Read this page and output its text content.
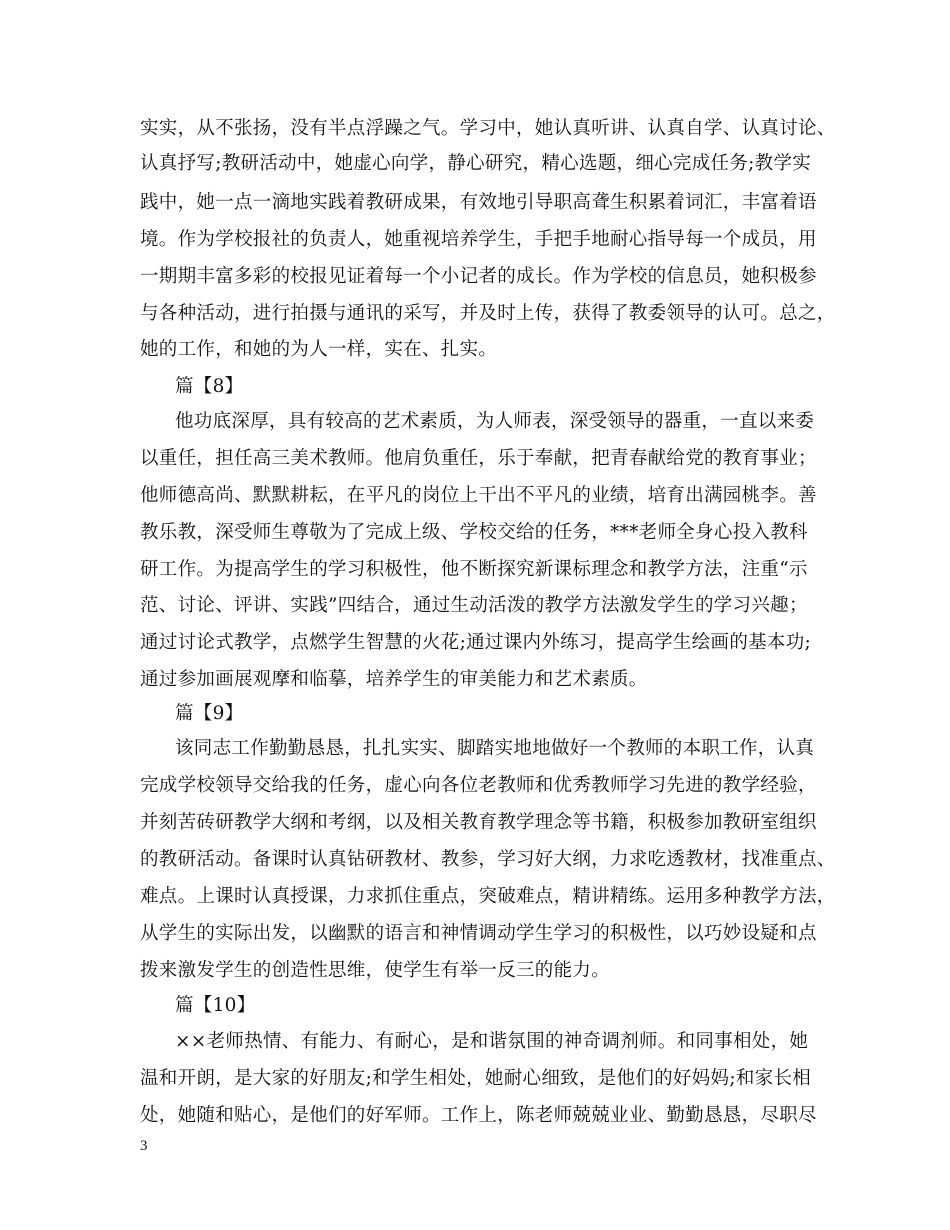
实实，从不张扬，没有半点浮躁之气。学习中，她认真听讲、认真自学、认真讨论、
认真抒写;教研活动中，她虚心向学，静心研究，精心选题，细心完成任务;教学实
践中，她一点一滴地实践着教研成果，有效地引导职高聋生积累着词汇，丰富着语
境。作为学校报社的负责人，她重视培养学生，手把手地耐心指导每一个成员，用
一期期丰富多彩的校报见证着每一个小记者的成长。作为学校的信息员，她积极参
与各种活动，进行拍摄与通讯的采写，并及时上传，获得了教委领导的认可。总之，
她的工作，和她的为人一样，实在、扎实。
篇【8】
他功底深厚，具有较高的艺术素质，为人师表，深受领导的器重，一直以来委
以重任，担任高三美术教师。他肩负重任，乐于奉献，把青春献给党的教育事业；
他师德高尚、默默耕耘，在平凡的岗位上干出不平凡的业绩，培育出满园桃李。善
教乐教，深受师生尊敬为了完成上级、学校交给的任务，***老师全身心投入教科
研工作。为提高学生的学习积极性，他不断探究新课标理念和教学方法，注重“示
范、讨论、评讲、实践”四结合，通过生动活泼的教学方法激发学生的学习兴趣；
通过讨论式教学，点燃学生智慧的火花;通过课内外练习，提高学生绘画的基本功;
通过参加画展观摩和临摹，培养学生的审美能力和艺术素质。
篇【9】
该同志工作勤勤恳恳，扎扎实实、脚踏实地地做好一个教师的本职工作，认真
完成学校领导交给我的任务，虚心向各位老教师和优秀教师学习先进的教学经验，
并刻苦砖研教学大纲和考纲，以及相关教育教学理念等书籍，积极参加教研室组织
的教研活动。备课时认真钻研教材、教参，学习好大纲，力求吃透教材，找准重点、
难点。上课时认真授课，力求抓住重点，突破难点，精讲精练。运用多种教学方法，
从学生的实际出发，以幽默的语言和神情调动学生学习的积极性，以巧妙设疑和点
拨来激发学生的创造性思维，使学生有举一反三的能力。
篇【10】
××老师热情、有能力、有耐心，是和谐氛围的神奇调剂师。和同事相处，她
温和开朗，是大家的好朋友;和学生相处，她耐心细致，是他们的好妈妈;和家长相
处，她随和贴心，是他们的好军师。工作上，陈老师兢兢业业、勤勤恳恳，尽职尽
3
